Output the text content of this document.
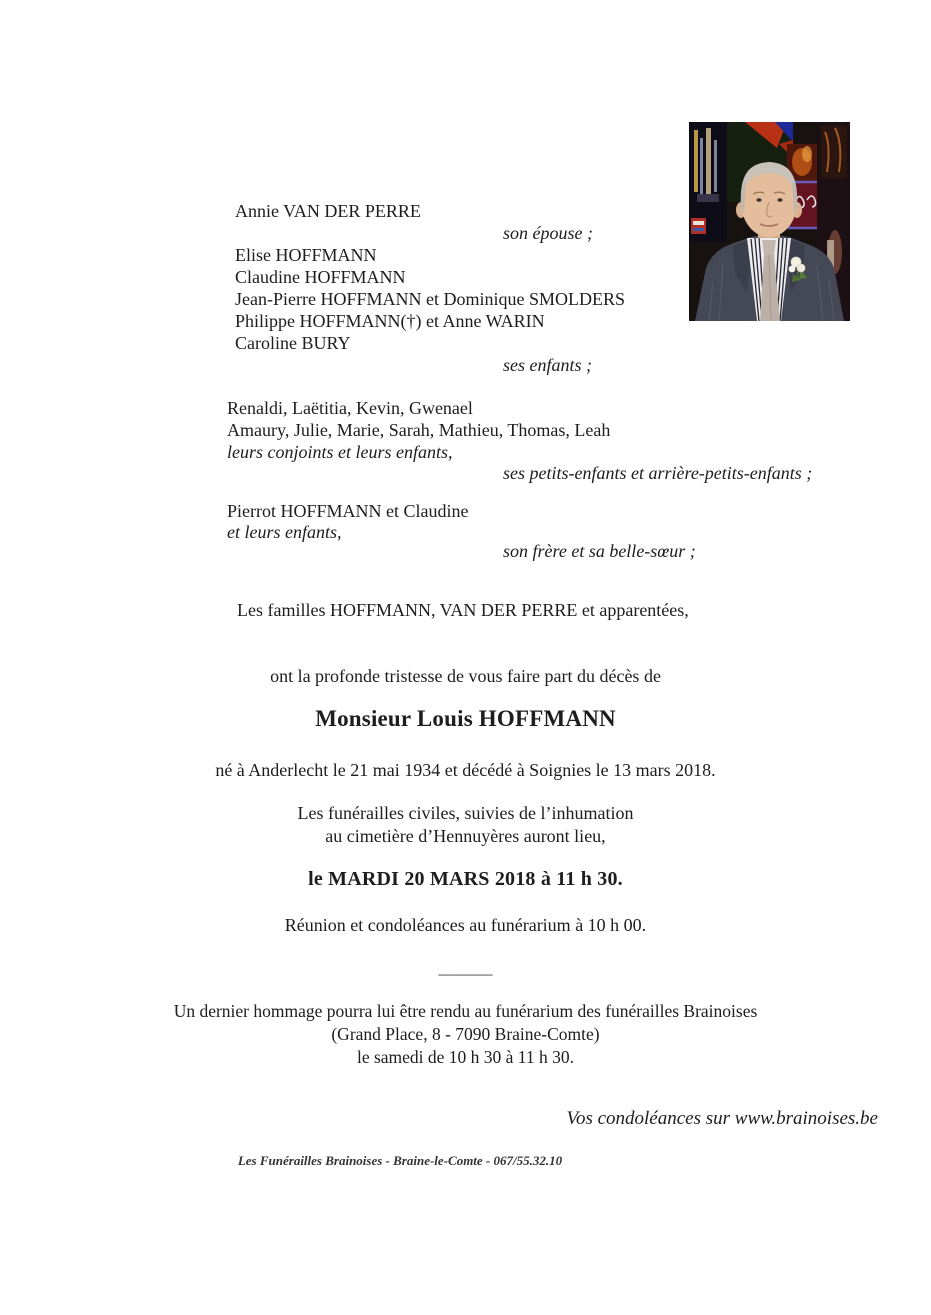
Annie VAN DER PERRE
son épouse ;
Elise HOFFMANN
Claudine HOFFMANN
Jean-Pierre HOFFMANN et Dominique SMOLDERS
Philippe HOFFMANN(†) et Anne WARIN
Caroline BURY
ses enfants ;
Renaldi, Laëtitia, Kevin, Gwenael
Amaury, Julie, Marie, Sarah, Mathieu, Thomas, Leah
leurs conjoints et leurs enfants,
ses petits-enfants et arrière-petits-enfants ;
Pierrot HOFFMANN et Claudine
et leurs enfants,
son frère et sa belle-sœur ;
Les familles HOFFMANN, VAN DER PERRE et apparentées,
ont la profonde tristesse de vous faire part du décès de
Monsieur Louis HOFFMANN
né à Anderlecht le 21 mai 1934 et décédé à Soignies le 13 mars 2018.
Les funérailles civiles, suivies de l’inhumation
au cimetière d’Hennuyères auront lieu,
le MARDI 20 MARS 2018 à 11 h 30.
Réunion et condoléances au funérarium à 10 h 00.
______
Un dernier hommage pourra lui être rendu au funérarium des funérailles Brainoises
(Grand Place, 8 - 7090 Braine-Comte)
le samedi de 10 h 30 à 11 h 30.
Vos condoléances sur www.brainoises.be
Les Funérailles Brainoises - Braine-le-Comte - 067/55.32.10
